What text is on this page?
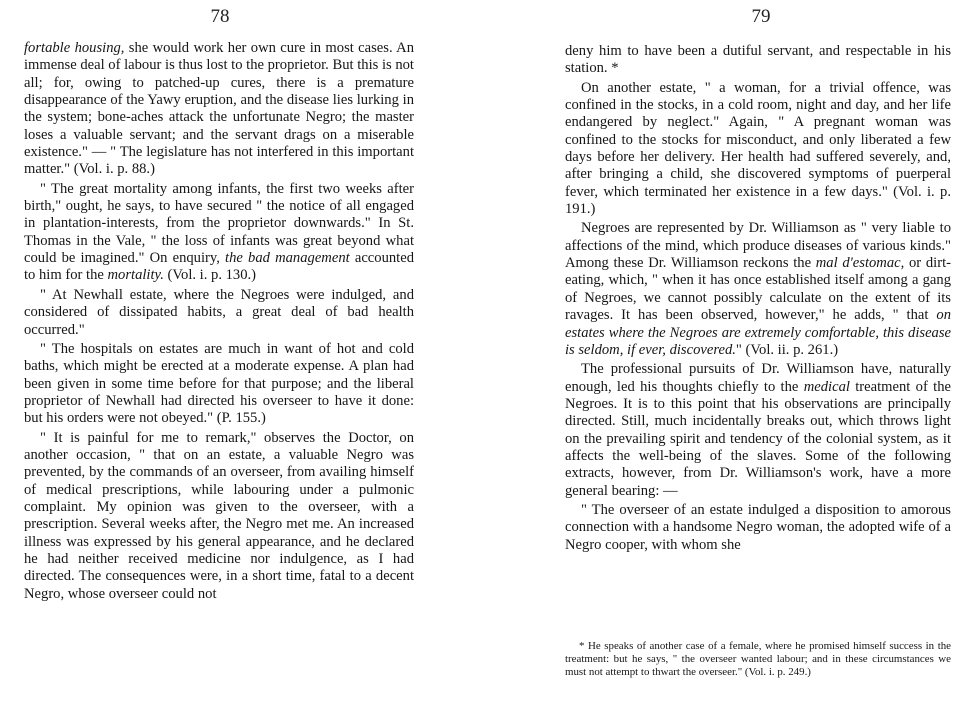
78

fortable housing, she would work her own cure in most cases. An immense deal of labour is thus lost to the proprietor. But this is not all; for, owing to patched-up cures, there is a premature disappearance of the Yawy eruption, and the disease lies lurking in the system; bone-aches attack the unfortunate Negro; the master loses a valuable servant; and the servant drags on a miserable existence." — " The legislature has not interfered in this important matter." (Vol. i. p. 88.)

" The great mortality among infants, the first two weeks after birth," ought, he says, to have secured " the notice of all engaged in plantation-interests, from the proprietor downwards." In St. Thomas in the Vale, " the loss of infants was great beyond what could be imagined." On enquiry, the bad management accounted to him for the mortality. (Vol. i. p. 130.)

" At Newhall estate, where the Negroes were indulged, and considered of dissipated habits, a great deal of bad health occurred."

" The hospitals on estates are much in want of hot and cold baths, which might be erected at a moderate expense. A plan had been given in some time before for that purpose; and the liberal proprietor of Newhall had directed his overseer to have it done: but his orders were not obeyed." (P. 155.)

" It is painful for me to remark," observes the Doctor, on another occasion, " that on an estate, a valuable Negro was prevented, by the commands of an overseer, from availing himself of medical prescriptions, while labouring under a pulmonic complaint. My opinion was given to the overseer, with a prescription. Several weeks after, the Negro met me. An increased illness was expressed by his general appearance, and he declared he had neither received medicine nor indulgence, as I had directed. The consequences were, in a short time, fatal to a decent Negro, whose overseer could not

79

deny him to have been a dutiful servant, and respectable in his station. *

On another estate, " a woman, for a trivial offence, was confined in the stocks, in a cold room, night and day, and her life endangered by neglect." Again, " A pregnant woman was confined to the stocks for misconduct, and only liberated a few days before her delivery. Her health had suffered severely, and, after bringing a child, she discovered symptoms of puerperal fever, which terminated her existence in a few days." (Vol. i. p. 191.)

Negroes are represented by Dr. Williamson as " very liable to affections of the mind, which produce diseases of various kinds." Among these Dr. Williamson reckons the mal d'estomac, or dirt-eating, which, " when it has once established itself among a gang of Negroes, we cannot possibly calculate on the extent of its ravages. It has been observed, however," he adds, " that on estates where the Negroes are extremely comfortable, this disease is seldom, if ever, discovered." (Vol. ii. p. 261.)

The professional pursuits of Dr. Williamson have, naturally enough, led his thoughts chiefly to the medical treatment of the Negroes. It is to this point that his observations are principally directed. Still, much incidentally breaks out, which throws light on the prevailing spirit and tendency of the colonial system, as it affects the well-being of the slaves. Some of the following extracts, however, from Dr. Williamson's work, have a more general bearing: —

" The overseer of an estate indulged a disposition to amorous connection with a handsome Negro woman, the adopted wife of a Negro cooper, with whom she

* He speaks of another case of a female, where he promised himself success in the treatment: but he says, " the overseer wanted labour; and in these circumstances we must not attempt to thwart the overseer." (Vol. i. p. 249.)
